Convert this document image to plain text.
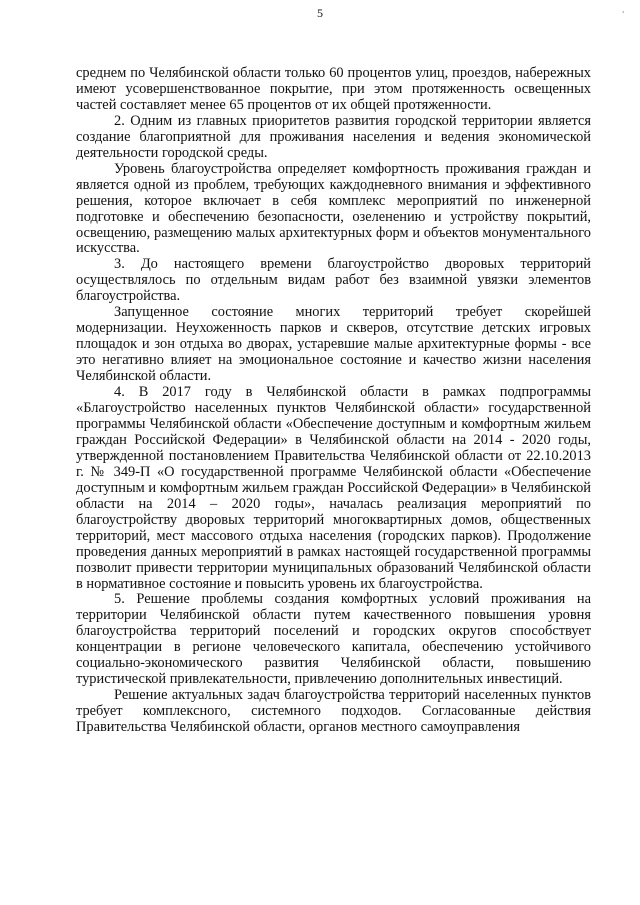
5	'

среднем по Челябинской области только 60 процентов улиц, проездов, набережных имеют усовершенствованное покрытие, при этом протяженность освещенных частей составляет менее 65 процентов от их общей протяженности.

2. Одним из главных приоритетов развития городской территории является создание благоприятной для проживания населения и ведения экономической деятельности городской среды.

Уровень благоустройства определяет комфортность проживания граждан и является одной из проблем, требующих каждодневного внимания и эффективного решения, которое включает в себя комплекс мероприятий по инженерной подготовке и обеспечению безопасности, озеленению и устройству покрытий, освещению, размещению малых архитектурных форм и объектов монументального искусства.

3. До настоящего времени благоустройство дворовых территорий осуществлялось по отдельным видам работ без взаимной увязки элементов благоустройства.

Запущенное состояние многих территорий требует скорейшей модернизации. Неухоженность парков и скверов, отсутствие детских игровых площадок и зон отдыха во дворах, устаревшие малые архитектурные формы - все это негативно влияет на эмоциональное состояние и качество жизни населения Челябинской области.

4. В 2017 году в Челябинской области в рамках подпрограммы «Благоустройство населенных пунктов Челябинской области» государственной программы Челябинской области «Обеспечение доступным и комфортным жильем граждан Российской Федерации» в Челябинской области на 2014 - 2020 годы, утвержденной постановлением Правительства Челябинской области от 22.10.2013 г. № 349-П «О государственной программе Челябинской области «Обеспечение доступным и комфортным жильем граждан Российской Федерации» в Челябинской области на 2014 – 2020 годы», началась реализация мероприятий по благоустройству дворовых территорий многоквартирных домов, общественных территорий, мест массового отдыха населения (городских парков). Продолжение проведения данных мероприятий в рамках настоящей государственной программы позволит привести территории муниципальных образований Челябинской области в нормативное состояние и повысить уровень их благоустройства.

5. Решение проблемы создания комфортных условий проживания на территории Челябинской области путем качественного повышения уровня благоустройства территорий поселений и городских округов способствует концентрации в регионе человеческого капитала, обеспечению устойчивого социально-экономического развития Челябинской области, повышению туристической привлекательности, привлечению дополнительных инвестиций.

Решение актуальных задач благоустройства территорий населенных пунктов требует комплексного, системного подходов. Согласованные действия Правительства Челябинской области, органов местного самоуправления
